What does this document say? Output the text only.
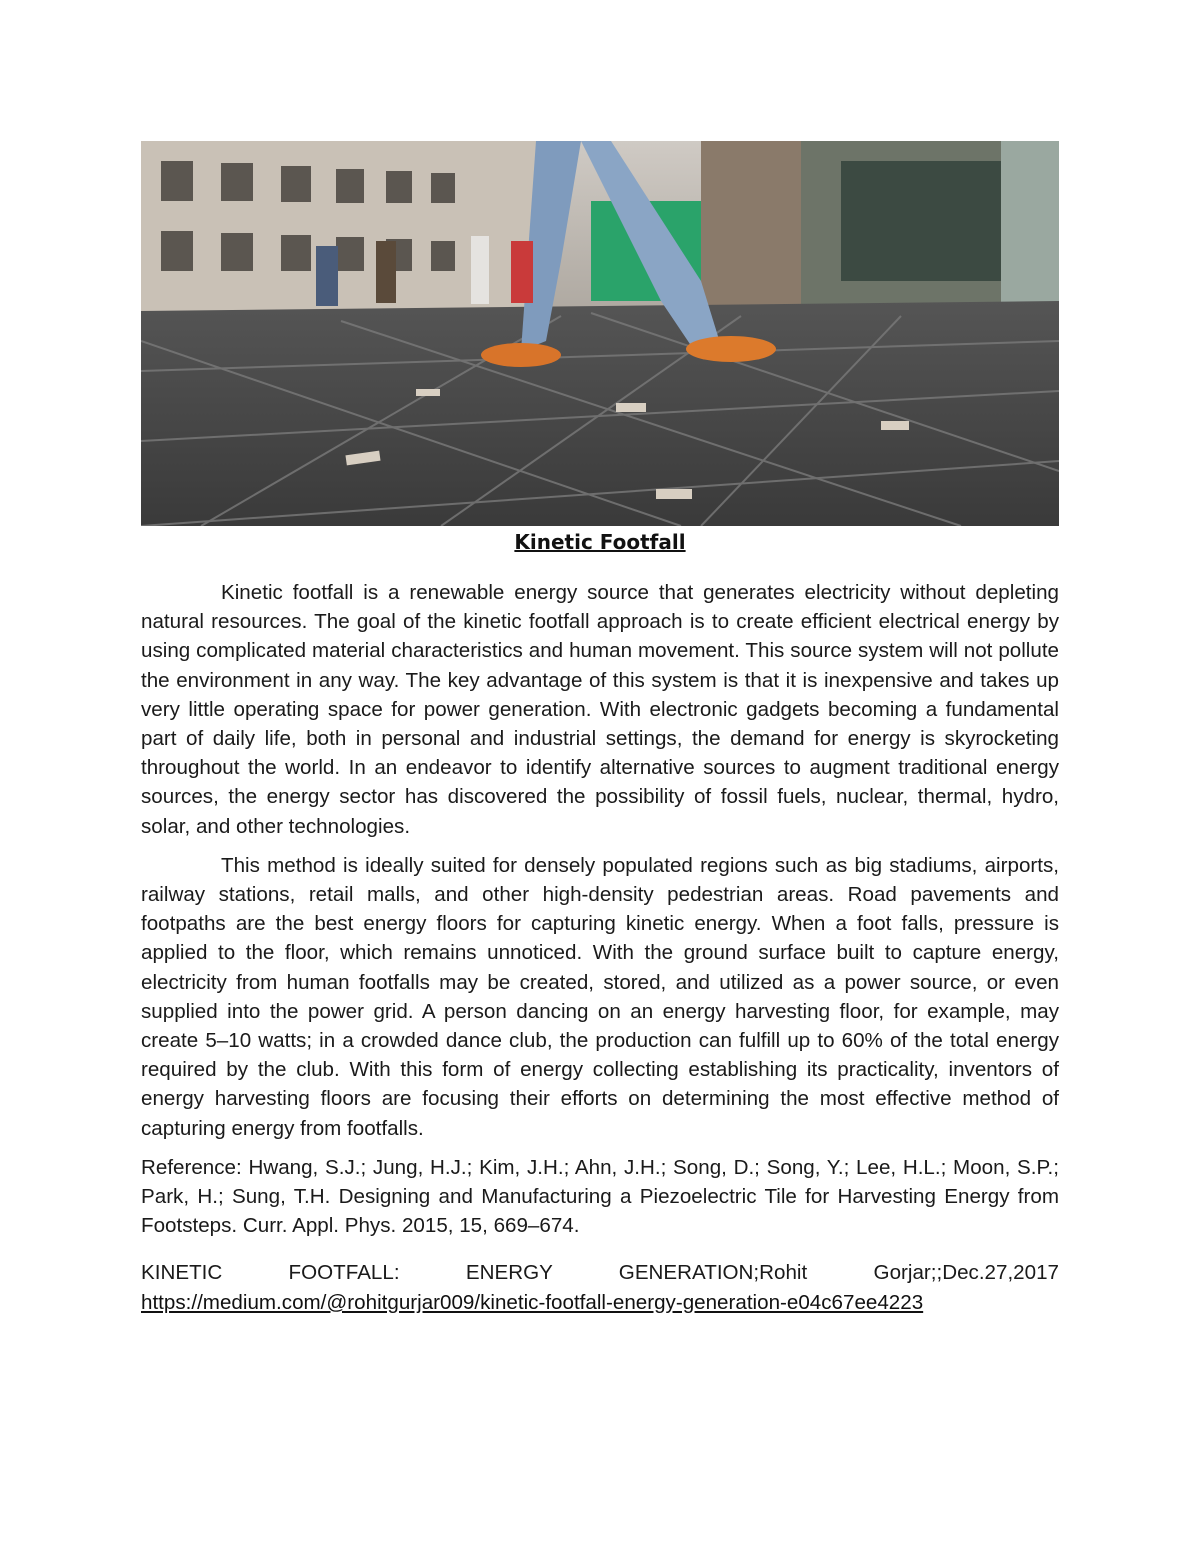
Kinetic Footfall

Kinetic footfall is a renewable energy source that generates electricity without depleting natural resources. The goal of the kinetic footfall approach is to create efficient electrical energy by using complicated material characteristics and human movement. This source system will not pollute the environment in any way. The key advantage of this system is that it is inexpensive and takes up very little operating space for power generation. With electronic gadgets becoming a fundamental part of daily life, both in personal and industrial settings, the demand for energy is skyrocketing throughout the world. In an endeavor to identify alternative sources to augment traditional energy sources, the energy sector has discovered the possibility of fossil fuels, nuclear, thermal, hydro, solar, and other technologies.

This method is ideally suited for densely populated regions such as big stadiums, airports, railway stations, retail malls, and other high-density pedestrian areas. Road pavements and footpaths are the best energy floors for capturing kinetic energy. When a foot falls, pressure is applied to the floor, which remains unnoticed. With the ground surface built to capture energy, electricity from human footfalls may be created, stored, and utilized as a power source, or even supplied into the power grid. A person dancing on an energy harvesting floor, for example, may create 5–10 watts; in a crowded dance club, the production can fulfill up to 60% of the total energy required by the club. With this form of energy collecting establishing its practicality, inventors of energy harvesting floors are focusing their efforts on determining the most effective method of capturing energy from footfalls.

Reference: Hwang, S.J.; Jung, H.J.; Kim, J.H.; Ahn, J.H.; Song, D.; Song, Y.; Lee, H.L.; Moon, S.P.; Park, H.; Sung, T.H. Designing and Manufacturing a Piezoelectric Tile for Harvesting Energy from Footsteps. Curr. Appl. Phys. 2015, 15, 669–674.

KINETIC FOOTFALL: ENERGY GENERATION;Rohit Gorjar;;Dec.27,2017

https://medium.com/@rohitgurjar009/kinetic-footfall-energy-generation-e04c67ee4223
